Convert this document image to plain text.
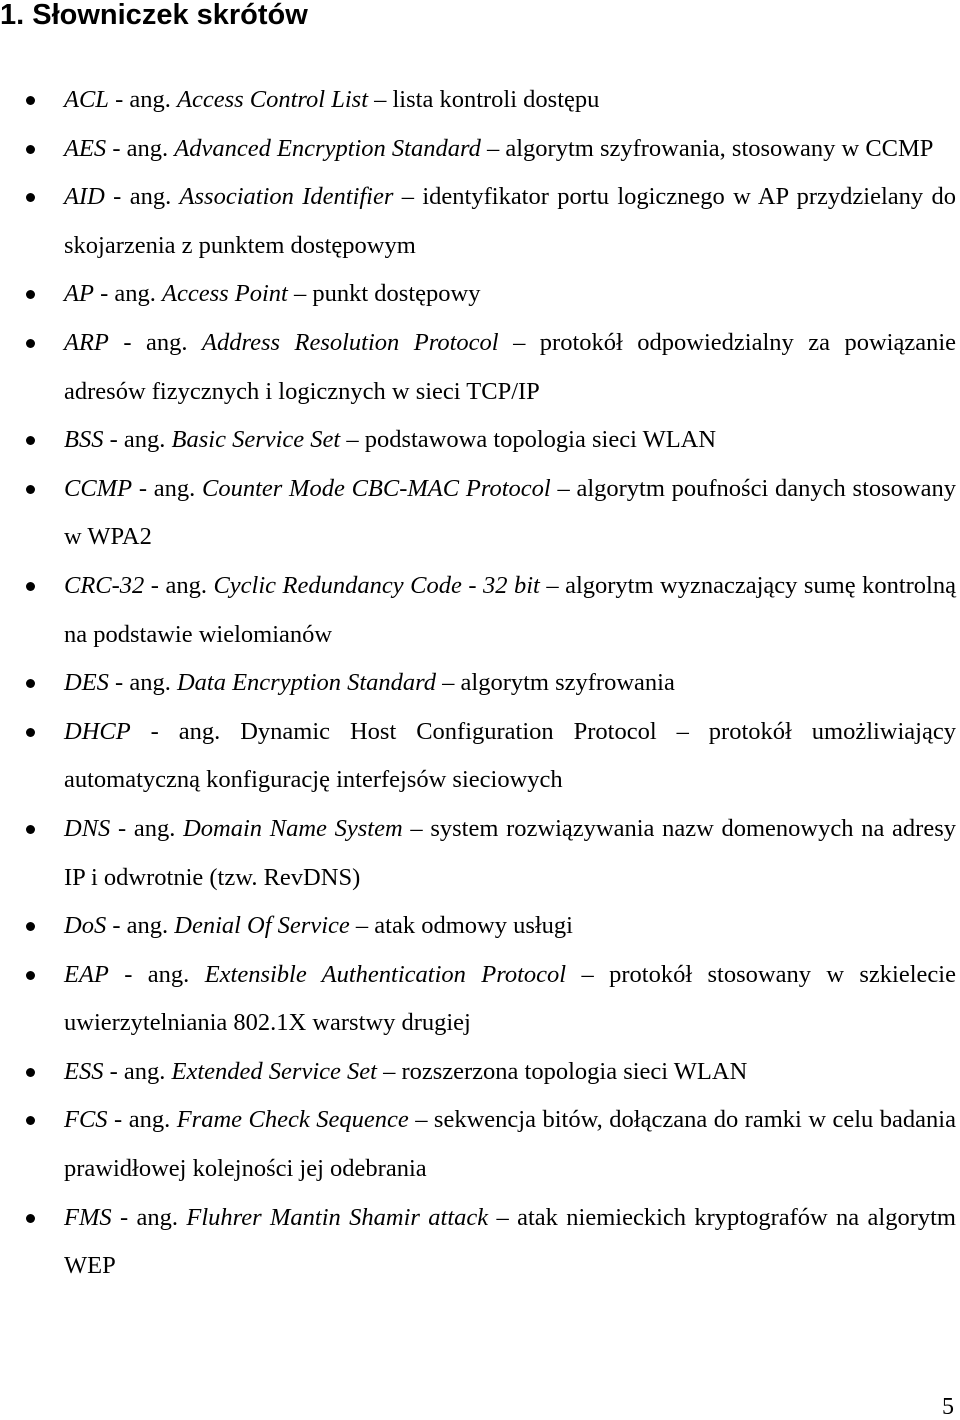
1. Słowniczek skrótów
ACL - ang. Access Control List – lista kontroli dostępu
AES - ang. Advanced Encryption Standard – algorytm szyfrowania, stosowany w CCMP
AID - ang. Association Identifier – identyfikator portu logicznego w AP przydzielany do skojarzenia z punktem dostępowym
AP - ang. Access Point – punkt dostępowy
ARP - ang. Address Resolution Protocol – protokół odpowiedzialny za powiązanie adresów fizycznych i logicznych w sieci TCP/IP
BSS - ang. Basic Service Set – podstawowa topologia sieci WLAN
CCMP - ang. Counter Mode CBC-MAC Protocol – algorytm poufności danych stosowany w WPA2
CRC-32 - ang. Cyclic Redundancy Code - 32 bit – algorytm wyznaczający sumę kontrolną na podstawie wielomianów
DES - ang. Data Encryption Standard – algorytm szyfrowania
DHCP - ang. Dynamic Host Configuration Protocol – protokół umożliwiający automatyczną konfigurację interfejsów sieciowych
DNS - ang. Domain Name System – system rozwiązywania nazw domenowych na adresy IP i odwrotnie (tzw. RevDNS)
DoS - ang. Denial Of Service – atak odmowy usługi
EAP - ang. Extensible Authentication Protocol – protokół stosowany w szkielecie uwierzytelniania 802.1X warstwy drugiej
ESS - ang. Extended Service Set – rozszerzona topologia sieci WLAN
FCS - ang. Frame Check Sequence – sekwencja bitów, dołączana do ramki w celu badania prawidłowej kolejności jej odebrania
FMS - ang. Fluhrer Mantin Shamir attack – atak niemieckich kryptografów na algorytm WEP
5
